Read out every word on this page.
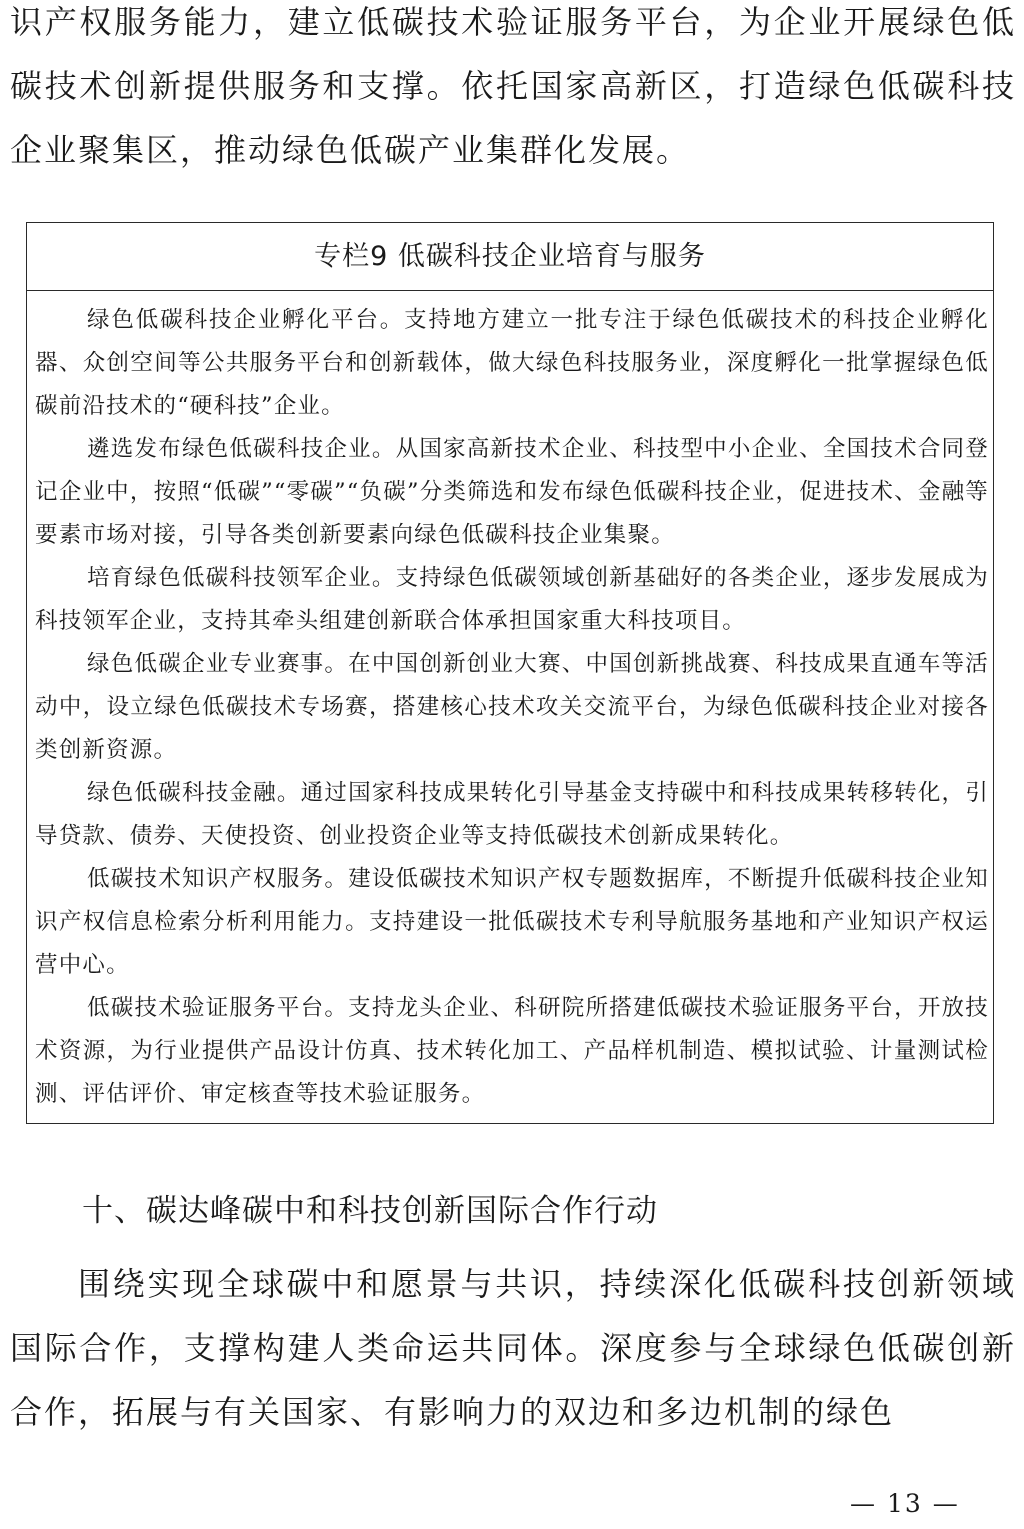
识产权服务能力，建立低碳技术验证服务平台，为企业开展绿色低碳技术创新提供服务和支撑。依托国家高新区，打造绿色低碳科技企业聚集区，推动绿色低碳产业集群化发展。

专栏9 低碳科技企业培育与服务

绿色低碳科技企业孵化平台。支持地方建立一批专注于绿色低碳技术的科技企业孵化器、众创空间等公共服务平台和创新载体，做大绿色科技服务业，深度孵化一批掌握绿色低碳前沿技术的“硬科技”企业。

遴选发布绿色低碳科技企业。从国家高新技术企业、科技型中小企业、全国技术合同登记企业中，按照“低碳”“零碳”“负碳”分类筛选和发布绿色低碳科技企业，促进技术、金融等要素市场对接，引导各类创新要素向绿色低碳科技企业集聚。

培育绿色低碳科技领军企业。支持绿色低碳领域创新基础好的各类企业，逐步发展成为科技领军企业，支持其牵头组建创新联合体承担国家重大科技项目。

绿色低碳企业专业赛事。在中国创新创业大赛、中国创新挑战赛、科技成果直通车等活动中，设立绿色低碳技术专场赛，搭建核心技术攻关交流平台，为绿色低碳科技企业对接各类创新资源。

绿色低碳科技金融。通过国家科技成果转化引导基金支持碳中和科技成果转移转化，引导贷款、债券、天使投资、创业投资企业等支持低碳技术创新成果转化。

低碳技术知识产权服务。建设低碳技术知识产权专题数据库，不断提升低碳科技企业知识产权信息检索分析利用能力。支持建设一批低碳技术专利导航服务基地和产业知识产权运营中心。

低碳技术验证服务平台。支持龙头企业、科研院所搭建低碳技术验证服务平台，开放技术资源，为行业提供产品设计仿真、技术转化加工、产品样机制造、模拟试验、计量测试检测、评估评价、审定核查等技术验证服务。

十、碳达峰碳中和科技创新国际合作行动

围绕实现全球碳中和愿景与共识，持续深化低碳科技创新领域国际合作，支撑构建人类命运共同体。深度参与全球绿色低碳创新合作，拓展与有关国家、有影响力的双边和多边机制的绿色

— 13 —
